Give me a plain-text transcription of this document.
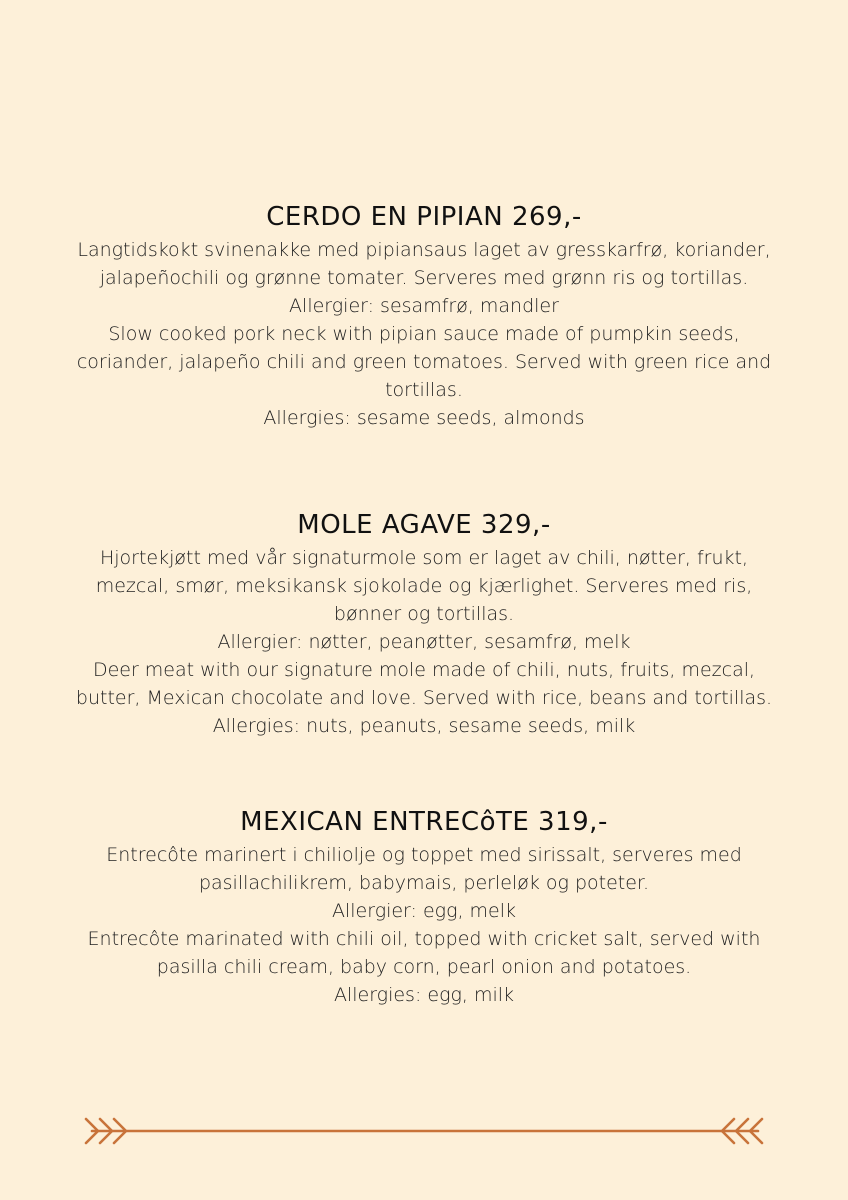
CERDO EN PIPIAN 269,-
Langtidskokt svinenakke med pipiansaus laget av gresskarfrø, koriander,
jalapeñochili og grønne tomater. Serveres med grønn ris og tortillas.
Allergier: sesamfrø, mandler
Slow cooked pork neck with pipian sauce made of pumpkin seeds,
coriander, jalapeño chili and green tomatoes. Served with green rice and
tortillas.
Allergies: sesame seeds, almonds
MOLE AGAVE 329,-
Hjortekjøtt med vår signaturmole som er laget av chili, nøtter, frukt,
mezcal, smør, meksikansk sjokolade og kjærlighet. Serveres med ris,
bønner og tortillas.
Allergier: nøtter, peanøtter, sesamfrø, melk
Deer meat with our signature mole made of chili, nuts, fruits, mezcal,
butter, Mexican chocolate and love. Served with rice, beans and tortillas.
Allergies: nuts, peanuts, sesame seeds, milk
MEXICAN ENTRECôTE 319,-
Entrecôte marinert i chiliolje og toppet med sirissalt, serveres med
pasillachilikrem, babymais, perleløk og poteter.
Allergier: egg, melk
Entrecôte marinated with chili oil, topped with cricket salt, served with
pasilla chili cream, baby corn, pearl onion and potatoes.
Allergies: egg, milk
